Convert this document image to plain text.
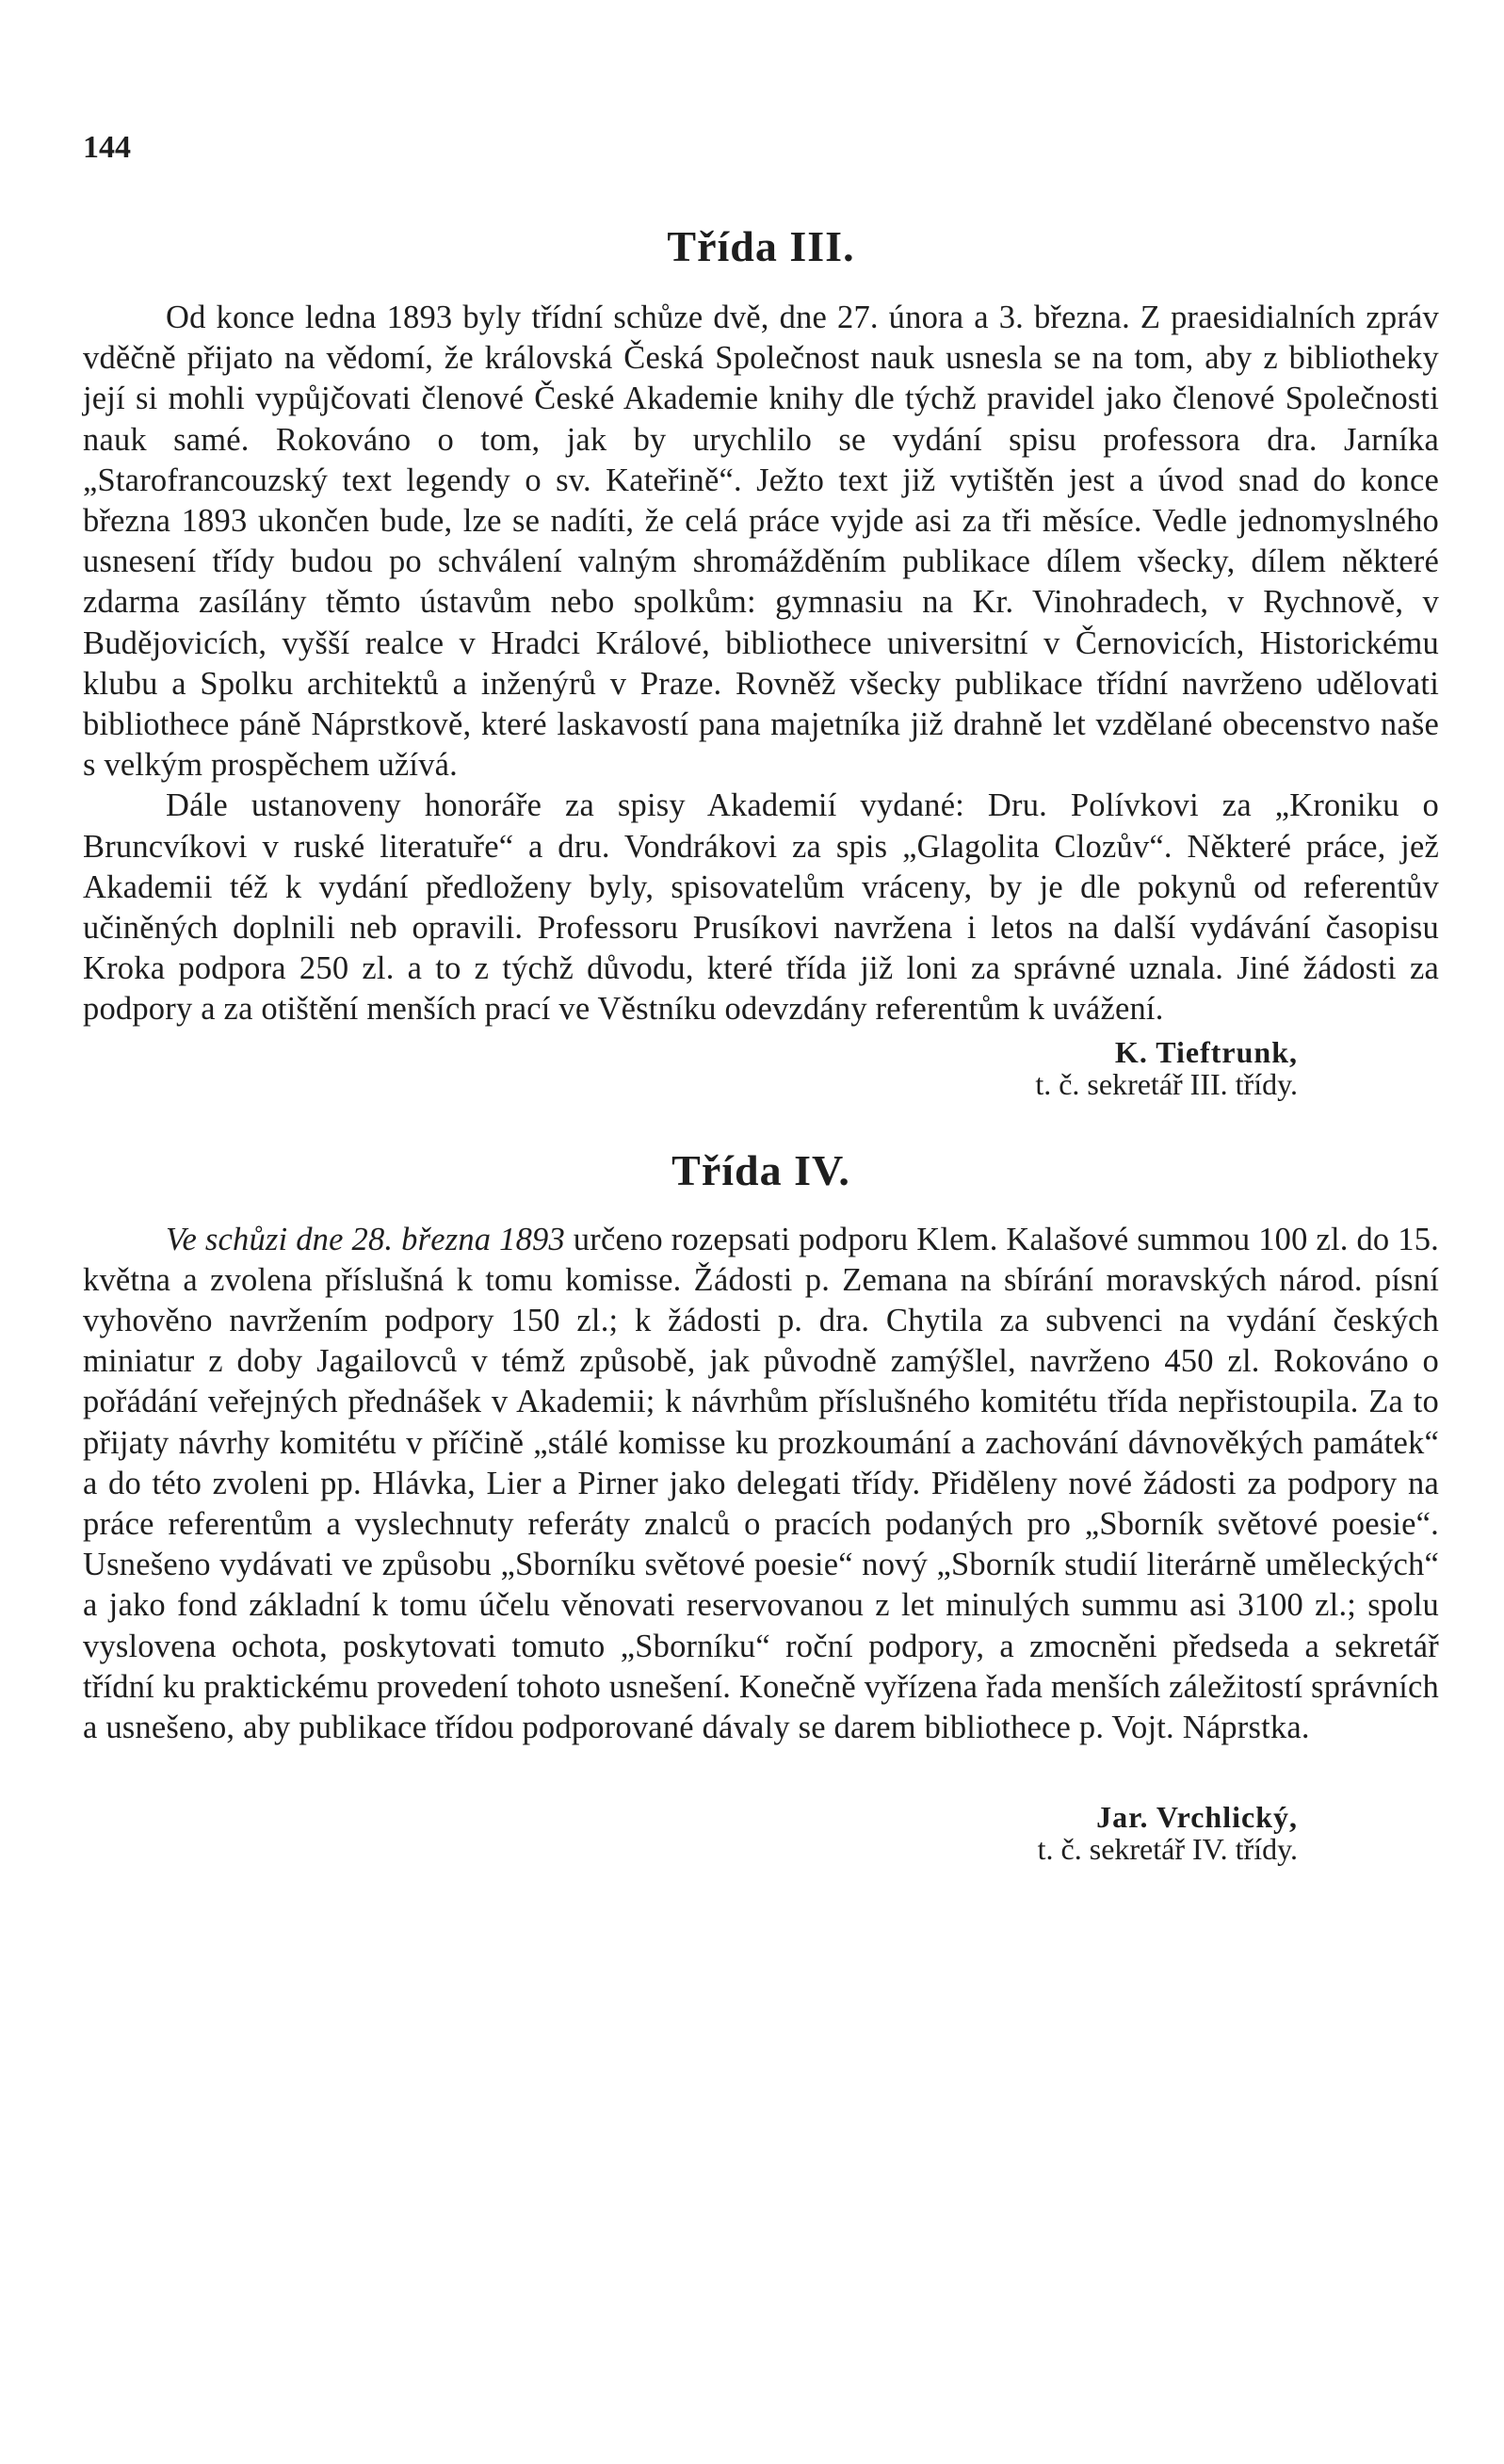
144
Třída III.

Od konce ledna 1893 byly třídní schůze dvě, dne 27. února a 3. března. Z praesidialních zpráv vděčně přijato na vědomí, že královská Česká Společnost nauk usnesla se na tom, aby z bibliotheky její si mohli vypůjčovati členové České Akademie knihy dle týchž pravidel jako členové Společnosti nauk samé. Rokováno o tom, jak by urychlilo se vydání spisu professora dra. Jarníka „Starofrancouzský text legendy o sv. Kateřině“. Ježto text již vytištěn jest a úvod snad do konce března 1893 ukončen bude, lze se nadíti, že celá práce vyjde asi za tři měsíce. Vedle jednomyslného usnesení třídy budou po schválení valným shromážděním publikace dílem všecky, dílem některé zdarma zasílány těmto ústavům nebo spolkům: gymnasiu na Kr. Vinohradech, v Rychnově, v Budějovicích, vyšší realce v Hradci Králové, bibliothece universitní v Černovicích, Historickému klubu a Spolku architektů a inženýrů v Praze. Rovněž všecky publikace třídní navrženo udělovati bibliothece páně Náprstkově, které laskavostí pana majetníka již drahně let vzdělané obecenstvo naše s velkým prospěchem užívá.

Dále ustanoveny honoráře za spisy Akademií vydané: Dru. Polívkovi za „Kroniku o Bruncvíkovi v ruské literatuře“ a dru. Vondrákovi za spis „Glagolita Clozův“. Některé práce, jež Akademii též k vydání předloženy byly, spisovatelům vráceny, by je dle pokynů od referentův učiněných doplnili neb opravili. Professoru Prusíkovi navržena i letos na další vydávání časopisu Kroka podpora 250 zl. a to z týchž důvodu, které třída již loni za správné uznala. Jiné žádosti za podpory a za otištění menších prací ve Věstníku odevzdány referentům k uvážení.

K. Tieftrunk,
t. č. sekretář III. třídy.
Třída IV.

Ve schůzi dne 28. března 1893 určeno rozepsati podporu Klem. Kalašové summou 100 zl. do 15. května a zvolena příslušná k tomu komisse. Žádosti p. Zemana na sbírání moravských národ. písní vyhověno navržením podpory 150 zl.; k žádosti p. dra. Chytila za subvenci na vydání českých miniatur z doby Jagailovců v témž způsobě, jak původně zamýšlel, navrženo 450 zl. Rokováno o pořádání veřejných přednášek v Akademii; k návrhům příslušného komitétu třída nepřistoupila. Za to přijaty návrhy komitétu v příčině „stálé komisse ku prozkoumání a zachování dávnověkých památek“ a do této zvoleni pp. Hlávka, Lier a Pirner jako delegati třídy. Přiděleny nové žádosti za podpory na práce referentům a vyslechnuty referáty znalců o pracích podaných pro „Sborník světové poesie“. Usnešeno vydávati ve způsobu „Sborníku světové poesie“ nový „Sborník studií literárně uměleckých“ a jako fond základní k tomu účelu věnovati reservovanou z let minulých summu asi 3100 zl.; spolu vyslovena ochota, poskytovati tomuto „Sborníku“ roční podpory, a zmocněni předseda a sekretář třídní ku praktickému provedení tohoto usnešení. Konečně vyřízena řada menších záležitostí správních a usnešeno, aby publikace třídou podporované dávaly se darem bibliothece p. Vojt. Náprstka.

Jar. Vrchlický,
t. č. sekretář IV. třídy.
